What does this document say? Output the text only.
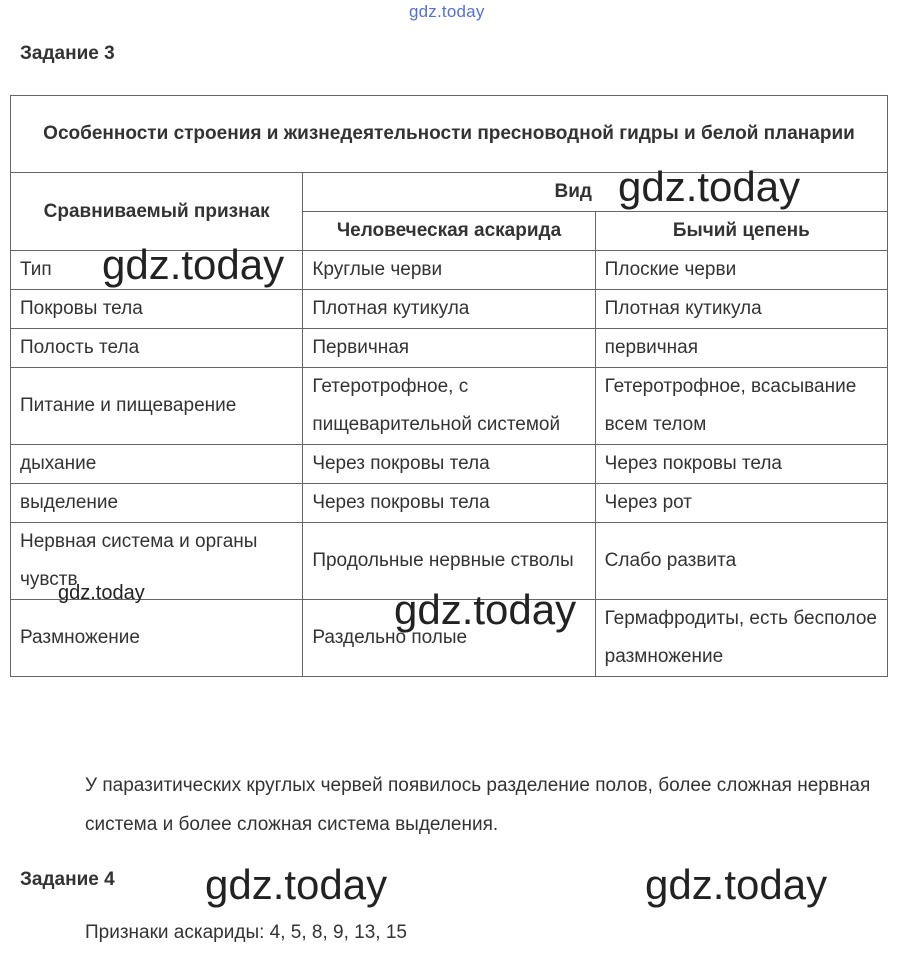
gdz.today
Задание 3
Особенности строения и жизнедеятельности пресноводной гидры и белой планарии		
Сравниваемый признак	Вид	
	Человеческая аскарида	Бычий цепень
Тип	Круглые черви	Плоские черви
Покровы тела	Плотная кутикула	Плотная кутикула
Полость тела	Первичная	первичная
Питание и пищеварение	Гетеротрофное, с пищеварительной системой	Гетеротрофное, всасывание всем телом
дыхание	Через покровы тела	Через покровы тела
выделение	Через покровы тела	Через рот
Нервная система и органы чувств	Продольные нервные стволы	Слабо развита
Размножение	Раздельно полые	Гермафродиты, есть бесполое размножение
У паразитических круглых червей появилось разделение полов, более сложная нервная система и более сложная система выделения.
Задание 4
Признаки аскариды: 4, 5, 8, 9, 13, 15
gdz.today
gdz.today
gdz.today	gdz.today
gdz.today	gdz.today
